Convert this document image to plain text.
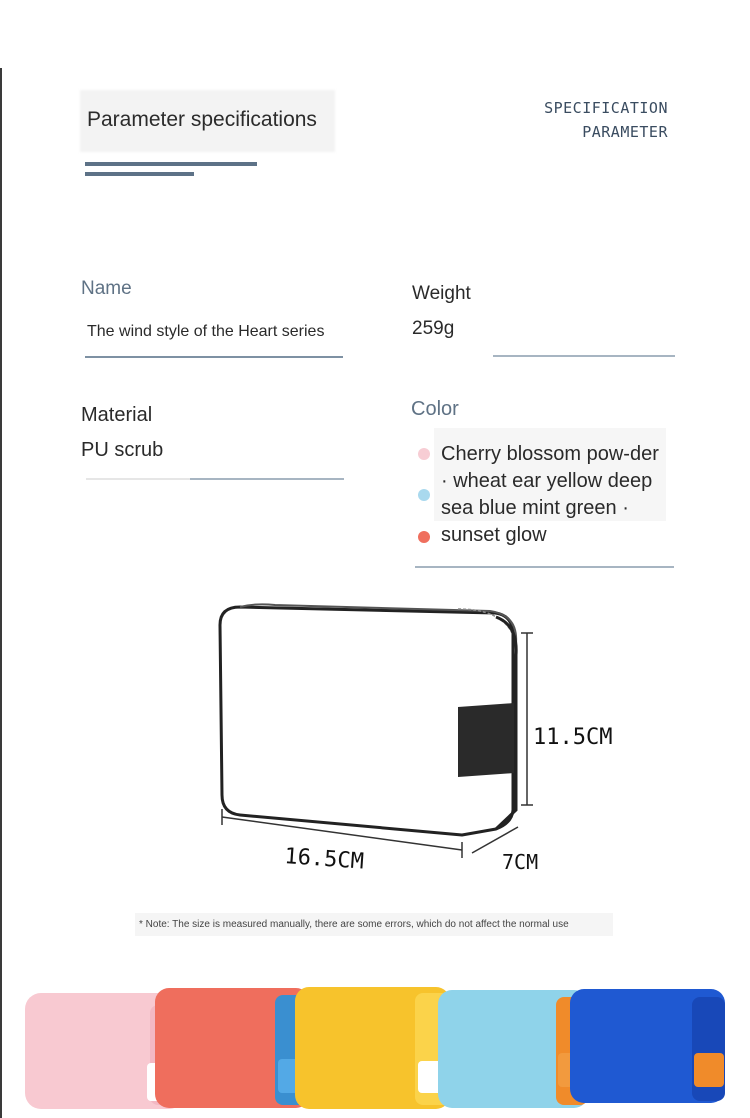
Parameter specifications	SPECIFICATION
PARAMETER
Name
The wind style of the Heart series
Weight
259g
Material
PU scrub
Color
Cherry blossom pow-der · wheat ear yellow deep sea blue mint green · sunset glow
11.5CM
16.5CM	7CM
* Note: The size is measured manually, there are some errors, which do not affect the normal use
